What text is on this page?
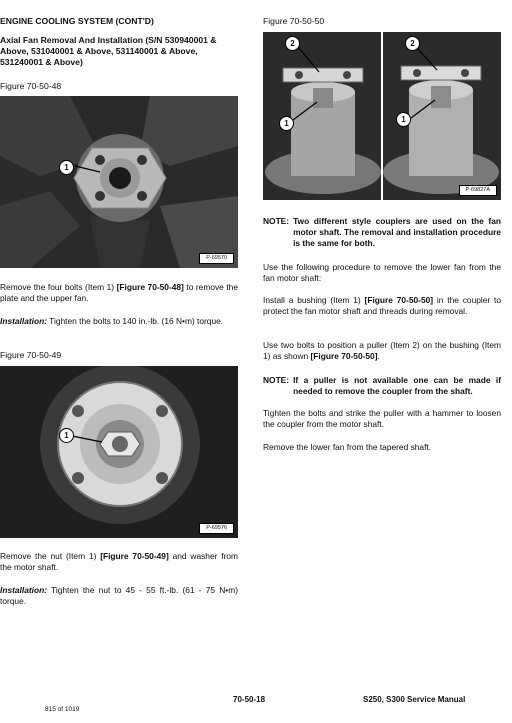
ENGINE COOLING SYSTEM (CONT'D)
Axial Fan Removal And Installation (S/N 530940001 & Above, 531040001 & Above, 531140001 & Above, 531240001 & Above)
Figure 70-50-48
1
P-69570

Remove the four bolts (Item 1) [Figure 70-50-48] to remove the plate and the upper fan.

Installation: Tighten the bolts to 140 in.-lb. (16 N•m) torque.

Figure 70-50-49
1
P-69576

Remove the nut (Item 1) [Figure 70-50-49] and washer from the motor shaft.

Installation: Tighten the nut to 45 - 55 ft.-lb. (61 - 75 N•m) torque.

Figure 70-50-50
2
1
2
1
P-69827A
NOTE: Two different style couplers are used on the fan motor shaft. The removal and installation procedure is the same for both.

Use the following procedure to remove the lower fan from the fan motor shaft:

Install a bushing (Item 1) [Figure 70-50-50] in the coupler to protect the fan motor shaft and threads during removal.

Use two bolts to position a puller (Item 2) on the bushing (Item 1) as shown [Figure 70-50-50].

NOTE: If a puller is not available one can be made if needed to remove the coupler from the shaft.

Tighten the bolts and strike the puller with a hammer to loosen the coupler from the motor shaft.

Remove the lower fan from the tapered shaft.

70-50-18	S250, S300 Service Manual
815 of 1019
